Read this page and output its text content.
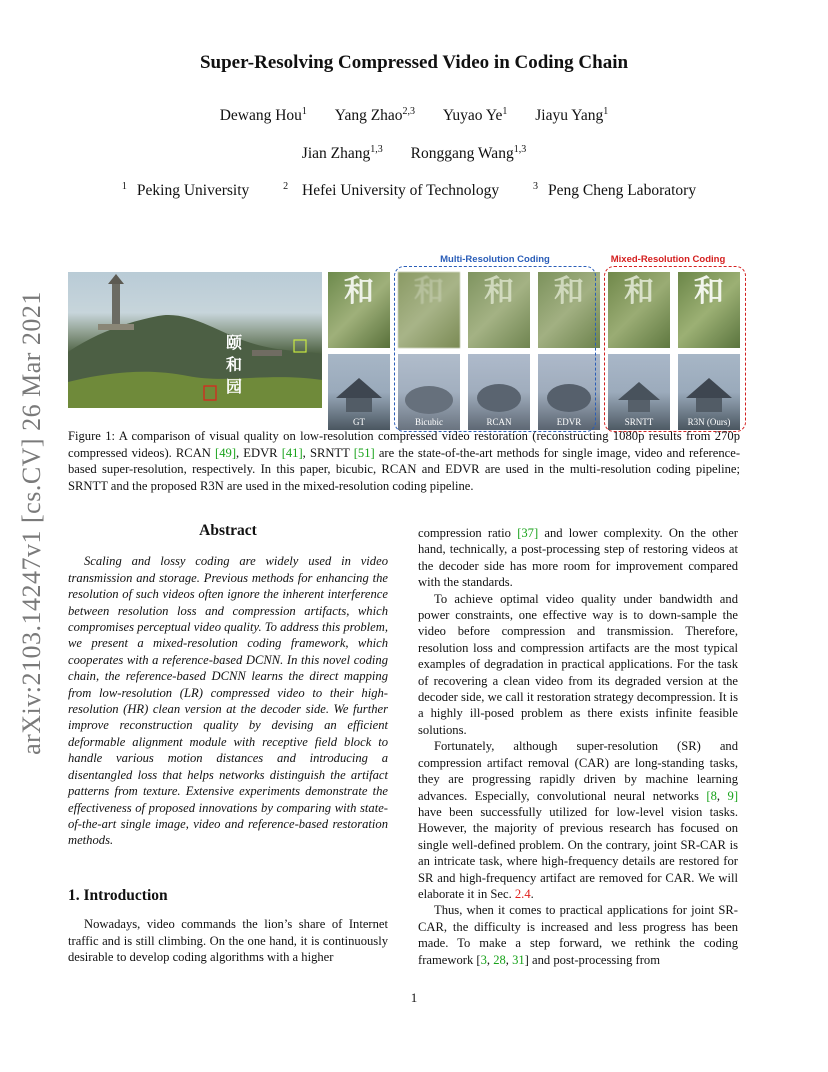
Super-Resolving Compressed Video in Coding Chain
Dewang Hou$^1$ Yang Zhao$^{2,3}$ Yuyao Ye$^1$ Jiayu Yang$^1$
Jian Zhang$^{1,3}$ Ronggang Wang$^{1,3}$
$^1$ Peking University	$^2$ Hefei University of Technology	$^3$ Peng Cheng Laboratory
arXiv:2103.14247v1 [cs.CV] 26 Mar 2021
Multi-Resolution Coding	Mixed-Resolution Coding
颐
和
园
和	和	和	和	和	和
GT	Bicubic	RCAN	EDVR	SRNTT	R3N (Ours)
Figure 1: A comparison of visual quality on low-resolution compressed video restoration (reconstructing 1080p results from 270p compressed videos). RCAN [49], EDVR [41], SRNTT [51] are the state-of-the-art methods for single image, video and reference-based super-resolution, respectively. In this paper, bicubic, RCAN and EDVR are used in the multi-resolution coding pipeline; SRNTT and the proposed R3N are used in the mixed-resolution coding pipeline.
Abstract

Scaling and lossy coding are widely used in video transmission and storage. Previous methods for enhancing the resolution of such videos often ignore the inherent interference between resolution loss and compression artifacts, which compromises perceptual video quality. To address this problem, we present a mixed-resolution coding framework, which cooperates with a reference-based DCNN. In this novel coding chain, the reference-based DCNN learns the direct mapping from low-resolution (LR) compressed video to their high-resolution (HR) clean version at the decoder side. We further improve reconstruction quality by devising an efficient deformable alignment module with receptive field block to handle various motion distances and introducing a disentangled loss that helps networks distinguish the artifact patterns from texture. Extensive experiments demonstrate the effectiveness of proposed innovations by comparing with state-of-the-art single image, video and reference-based restoration methods.

1. Introduction

Nowadays, video commands the lion’s share of Internet traffic and is still climbing. On the one hand, it is continuously desirable to develop coding algorithms with a higher

compression ratio [37] and lower complexity. On the other hand, technically, a post-processing step of restoring videos at the decoder side has more room for improvement compared with the standards.

To achieve optimal video quality under bandwidth and power constraints, one effective way is to down-sample the video before compression and transmission. Therefore, resolution loss and compression artifacts are the most typical examples of degradation in practical applications. For the task of recovering a clean video from its degraded version at the decoder side, we call it restoration strategy decompression. It is a highly ill-posed problem as there exists infinite feasible solutions.

Fortunately, although super-resolution (SR) and compression artifact removal (CAR) are long-standing tasks, they are progressing rapidly driven by machine learning advances. Especially, convolutional neural networks [8, 9] have been successfully utilized for low-level vision tasks. However, the majority of previous research has focused on single well-defined problem. On the contrary, joint SR-CAR is an intricate task, where high-frequency details are restored for SR and high-frequency artifact are removed for CAR. We will elaborate it in Sec. 2.4.

Thus, when it comes to practical applications for joint SR-CAR, the difficulty is increased and less progress has been made. To make a step forward, we rethink the coding framework [3, 28, 31] and post-processing from

1
